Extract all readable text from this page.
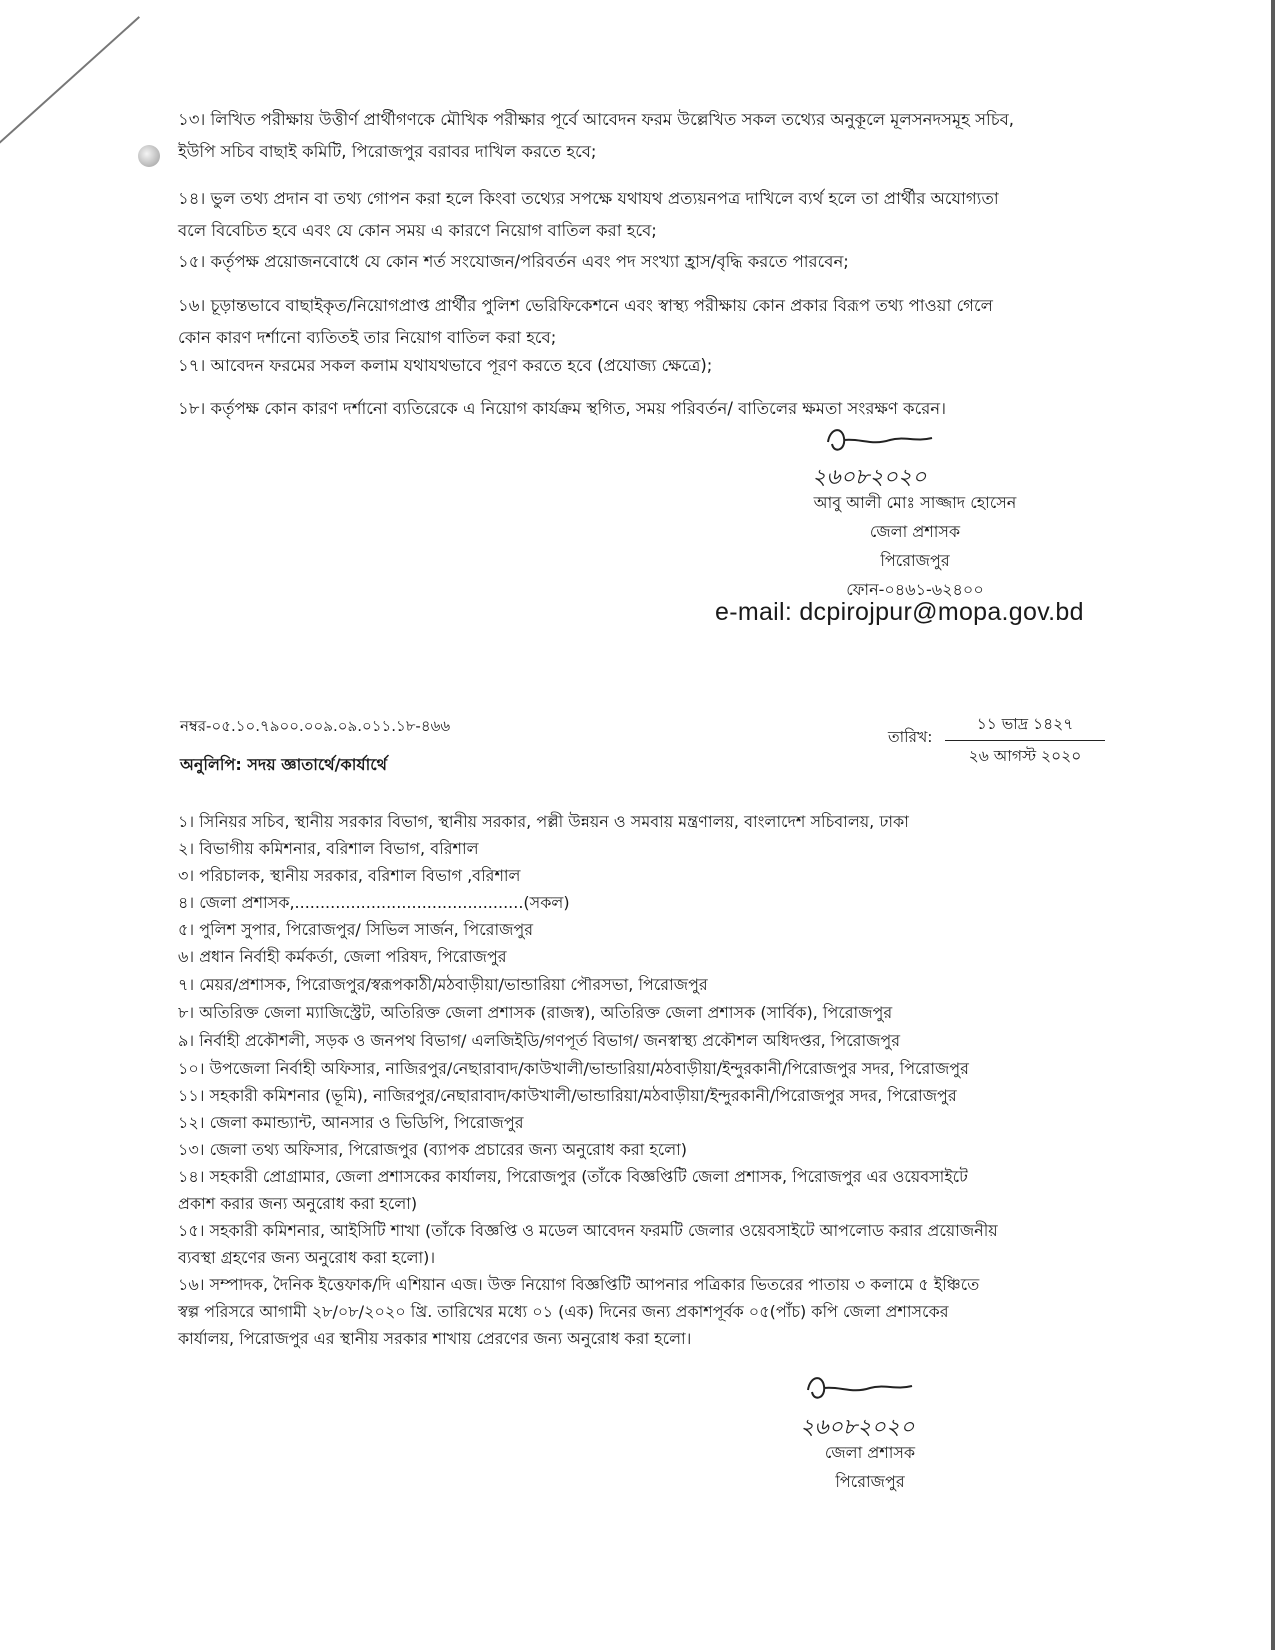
১৩। লিখিত পরীক্ষায় উত্তীর্ণ প্রার্থীগণকে মৌখিক পরীক্ষার পূর্বে আবেদন ফরম উল্লেখিত সকল তথ্যের অনুকূলে মূলসনদসমূহ সচিব,
ইউপি সচিব বাছাই কমিটি, পিরোজপুর বরাবর দাখিল করতে হবে;
১৪। ভুল তথ্য প্রদান বা তথ্য গোপন করা হলে কিংবা তথ্যের সপক্ষে যথাযথ প্রত্যয়নপত্র দাখিলে ব্যর্থ হলে তা প্রার্থীর অযোগ্যতা
বলে বিবেচিত হবে এবং যে কোন সময় এ কারণে নিয়োগ বাতিল করা হবে;
১৫। কর্তৃপক্ষ প্রয়োজনবোধে যে কোন শর্ত সংযোজন/পরিবর্তন এবং পদ সংখ্যা হ্রাস/বৃদ্ধি করতে পারবেন;
১৬। চূড়ান্তভাবে বাছাইকৃত/নিয়োগপ্রাপ্ত প্রার্থীর পুলিশ ভেরিফিকেশনে এবং স্বাস্থ্য পরীক্ষায় কোন প্রকার বিরূপ তথ্য পাওয়া গেলে
কোন কারণ দর্শানো ব্যতিতই তার নিয়োগ বাতিল করা হবে;
১৭। আবেদন ফরমের সকল কলাম যথাযথভাবে পূরণ করতে হবে (প্রযোজ্য ক্ষেত্রে);
১৮। কর্তৃপক্ষ কোন কারণ দর্শানো ব্যতিরেকে এ নিয়োগ কার্যক্রম স্থগিত, সময় পরিবর্তন/ বাতিলের ক্ষমতা সংরক্ষণ করেন।
২৬০৮২০২০
আবু আলী মোঃ সাজ্জাদ হোসেন
জেলা প্রশাসক
পিরোজপুর
ফোন-০৪৬১-৬২৪০০
e-mail: dcpirojpur@mopa.gov.bd
নম্বর-০৫.১০.৭৯০০.০০৯.০৯.০১১.১৮-৪৬৬
তারিখ:
১১ ভাদ্র ১৪২৭
২৬ আগস্ট ২০২০
অনুলিপি: সদয় জ্ঞাতার্থে/কার্যার্থে
১। সিনিয়র সচিব, স্থানীয় সরকার বিভাগ, স্থানীয় সরকার, পল্লী উন্নয়ন ও সমবায় মন্ত্রণালয়, বাংলাদেশ সচিবালয়, ঢাকা
২। বিভাগীয় কমিশনার, বরিশাল বিভাগ, বরিশাল
৩। পরিচালক, স্থানীয় সরকার, বরিশাল বিভাগ ,বরিশাল
৪। জেলা প্রশাসক,.............................................(সকল)
৫। পুলিশ সুপার, পিরোজপুর/ সিভিল সার্জন, পিরোজপুর
৬। প্রধান নির্বাহী কর্মকর্তা, জেলা পরিষদ, পিরোজপুর
৭। মেয়র/প্রশাসক, পিরোজপুর/স্বরূপকাঠী/মঠবাড়ীয়া/ভান্ডারিয়া পৌরসভা, পিরোজপুর
৮। অতিরিক্ত জেলা ম্যাজিস্ট্রেট, অতিরিক্ত জেলা প্রশাসক (রাজস্ব), অতিরিক্ত জেলা প্রশাসক (সার্বিক), পিরোজপুর
৯। নির্বাহী প্রকৌশলী, সড়ক ও জনপথ বিভাগ/ এলজিইডি/গণপূর্ত বিভাগ/ জনস্বাস্থ্য প্রকৌশল অধিদপ্তর, পিরোজপুর
১০। উপজেলা নির্বাহী অফিসার, নাজিরপুর/নেছারাবাদ/কাউখালী/ভান্ডারিয়া/মঠবাড়ীয়া/ইন্দুরকানী/পিরোজপুর সদর, পিরোজপুর
১১। সহকারী কমিশনার (ভূমি), নাজিরপুর/নেছারাবাদ/কাউখালী/ভান্ডারিয়া/মঠবাড়ীয়া/ইন্দুরকানী/পিরোজপুর সদর, পিরোজপুর
১২। জেলা কমান্ড্যান্ট, আনসার ও ভিডিপি, পিরোজপুর
১৩। জেলা তথ্য অফিসার, পিরোজপুর (ব্যাপক প্রচারের জন্য অনুরোধ করা হলো)
১৪। সহকারী প্রোগ্রামার, জেলা প্রশাসকের কার্যালয়, পিরোজপুর (তাঁকে বিজ্ঞপ্তিটি জেলা প্রশাসক, পিরোজপুর এর ওয়েবসাইটে
প্রকাশ করার জন্য অনুরোধ করা হলো)
১৫। সহকারী কমিশনার, আইসিটি শাখা (তাঁকে বিজ্ঞপ্তি ও মডেল আবেদন ফরমটি জেলার ওয়েবসাইটে আপলোড করার প্রয়োজনীয়
ব্যবস্থা গ্রহণের জন্য অনুরোধ করা হলো)।
১৬। সম্পাদক, দৈনিক ইত্তেফাক/দি এশিয়ান এজ। উক্ত নিয়োগ বিজ্ঞপ্তিটি আপনার পত্রিকার ভিতরের পাতায় ৩ কলামে ৫ ইঞ্চিতে
স্বল্প পরিসরে আগামী ২৮/০৮/২০২০ খ্রি. তারিখের মধ্যে ০১ (এক) দিনের জন্য প্রকাশপূর্বক ০৫(পাঁচ) কপি জেলা প্রশাসকের
কার্যালয়, পিরোজপুর এর স্থানীয় সরকার শাখায় প্রেরণের জন্য অনুরোধ করা হলো।
২৬০৮২০২০
জেলা প্রশাসক
পিরোজপুর
